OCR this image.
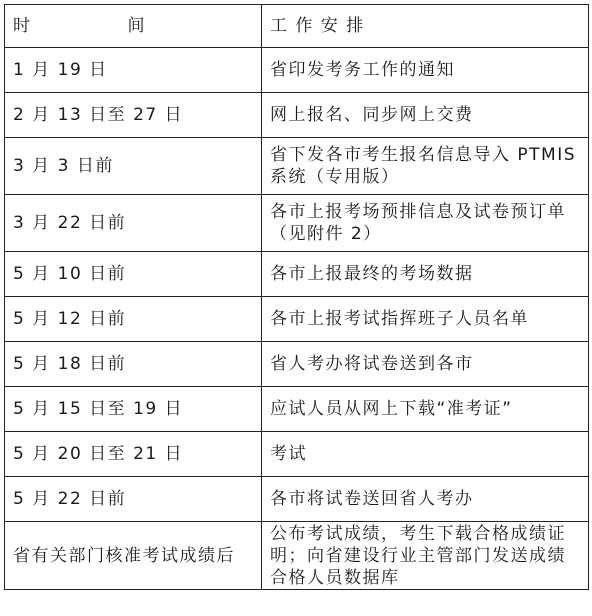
时 间	工 作 安 排
1 月 19 日	省印发考务工作的通知
2 月 13 日至 27 日	网上报名、同步网上交费
3 月 3 日前	省下发各市考生报名信息导入 PTMIS 系统（专用版）
3 月 22 日前	各市上报考场预排信息及试卷预订单（见附件 2）
5 月 10 日前	各市上报最终的考场数据
5 月 12 日前	各市上报考试指挥班子人员名单
5 月 18 日前	省人考办将试卷送到各市
5 月 15 日至 19 日	应试人员从网上下载“准考证”
5 月 20 日至 21 日	考试
5 月 22 日前	各市将试卷送回省人考办
省有关部门核准考试成绩后	公布考试成绩，考生下载合格成绩证明；向省建设行业主管部门发送成绩合格人员数据库
